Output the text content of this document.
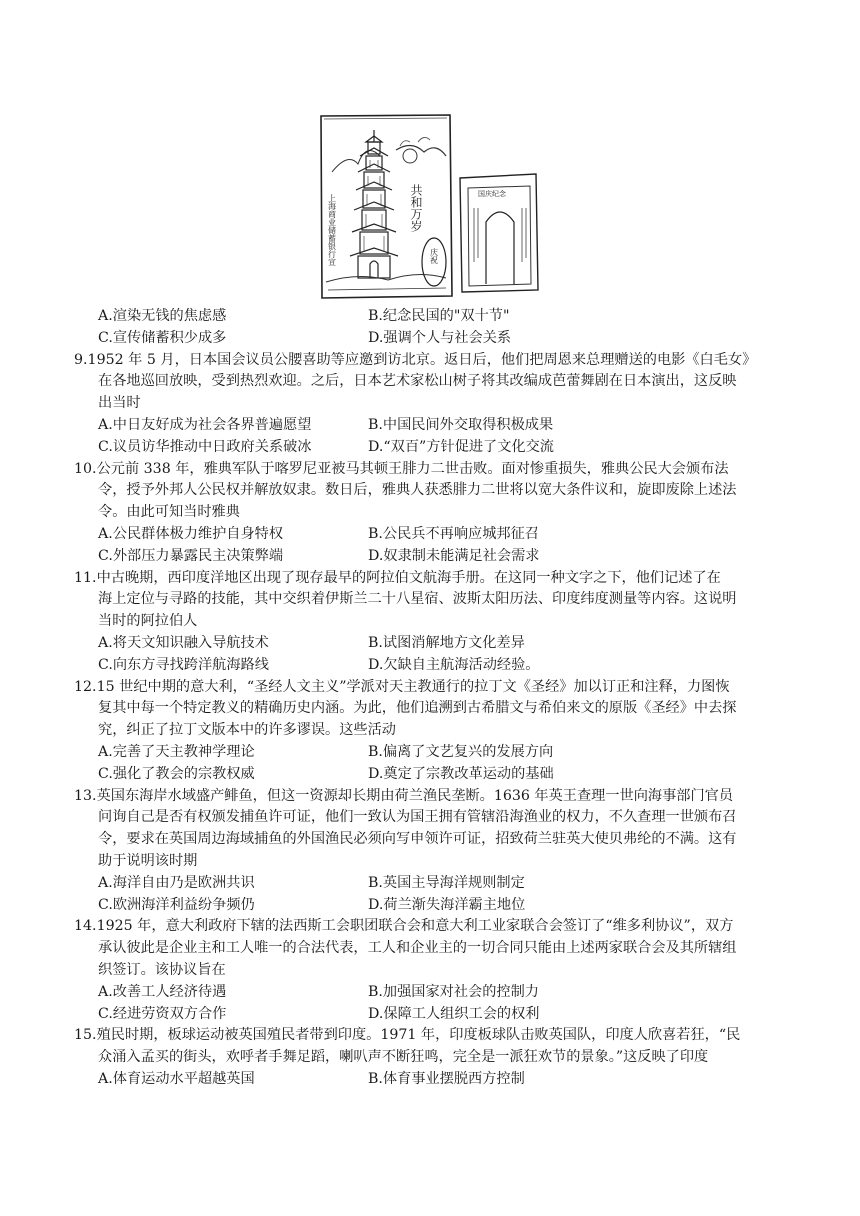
上海商业储蓄银行宣	共和万岁
庆祝
国庆纪念
A.渲染无钱的焦虑感	B.纪念民国的"双十节"
C.宣传储蓄积少成多	D.强调个人与社会关系
9.1952 年 5 月，日本国会议员公腰喜助等应邀到访北京。返日后，他们把周恩来总理赠送的电影《白毛女》
在各地巡回放映，受到热烈欢迎。之后，日本艺术家松山树子将其改编成芭蕾舞剧在日本演出，这反映
出当时
A.中日友好成为社会各界普遍愿望	B.中国民间外交取得积极成果
C.议员访华推动中日政府关系破冰	D.“双百”方针促进了文化交流
10.公元前 338 年，雅典军队于喀罗尼亚被马其顿王腓力二世击败。面对惨重损失，雅典公民大会颁布法
令，授予外邦人公民权并解放奴隶。数日后，雅典人获悉腓力二世将以宽大条件议和，旋即废除上述法
令。由此可知当时雅典
A.公民群体极力维护自身特权	B.公民兵不再响应城邦征召
C.外部压力暴露民主决策弊端	D.奴隶制未能满足社会需求
11.中古晚期，西印度洋地区出现了现存最早的阿拉伯文航海手册。在这同一种文字之下，他们记述了在
海上定位与寻路的技能，其中交织着伊斯兰二十八星宿、波斯太阳历法、印度纬度测量等内容。这说明
当时的阿拉伯人
A.将天文知识融入导航技术	B.试图消解地方文化差异
C.向东方寻找跨洋航海路线	D.欠缺自主航海活动经验。
12.15 世纪中期的意大利，“圣经人文主义”学派对天主教通行的拉丁文《圣经》加以订正和注释，力图恢
复其中每一个特定教义的精确历史内涵。为此，他们追溯到古希腊文与希伯来文的原版《圣经》中去探
究，纠正了拉丁文版本中的许多谬误。这些活动
A.完善了天主教神学理论	B.偏离了文艺复兴的发展方向
C.强化了教会的宗教权威	D.奠定了宗教改革运动的基础
13.英国东海岸水域盛产鲱鱼，但这一资源却长期由荷兰渔民垄断。1636 年英王查理一世向海事部门官员
问询自己是否有权颁发捕鱼许可证，他们一致认为国王拥有管辖沿海渔业的权力，不久查理一世颁布召
令，要求在英国周边海域捕鱼的外国渔民必须向写申领许可证，招致荷兰驻英大使贝弗纶的不满。这有
助于说明该时期
A.海洋自由乃是欧洲共识	B.英国主导海洋规则制定
C.欧洲海洋利益纷争频仍	D.荷兰渐失海洋霸主地位
14.1925 年，意大利政府下辖的法西斯工会职团联合会和意大利工业家联合会签订了“维多利协议”，双方
承认彼此是企业主和工人唯一的合法代表，工人和企业主的一切合同只能由上述两家联合会及其所辖组
织签订。该协议旨在
A.改善工人经济待遇	B.加强国家对社会的控制力
C.经进劳资双方合作	D.保障工人组织工会的权利
15.殖民时期，板球运动被英国殖民者带到印度。1971 年，印度板球队击败英国队，印度人欣喜若狂，“民
众涌入孟买的街头，欢呼者手舞足蹈，喇叭声不断狂鸣，完全是一派狂欢节的景象。”这反映了印度
A.体育运动水平超越英国	B.体育事业摆脱西方控制
